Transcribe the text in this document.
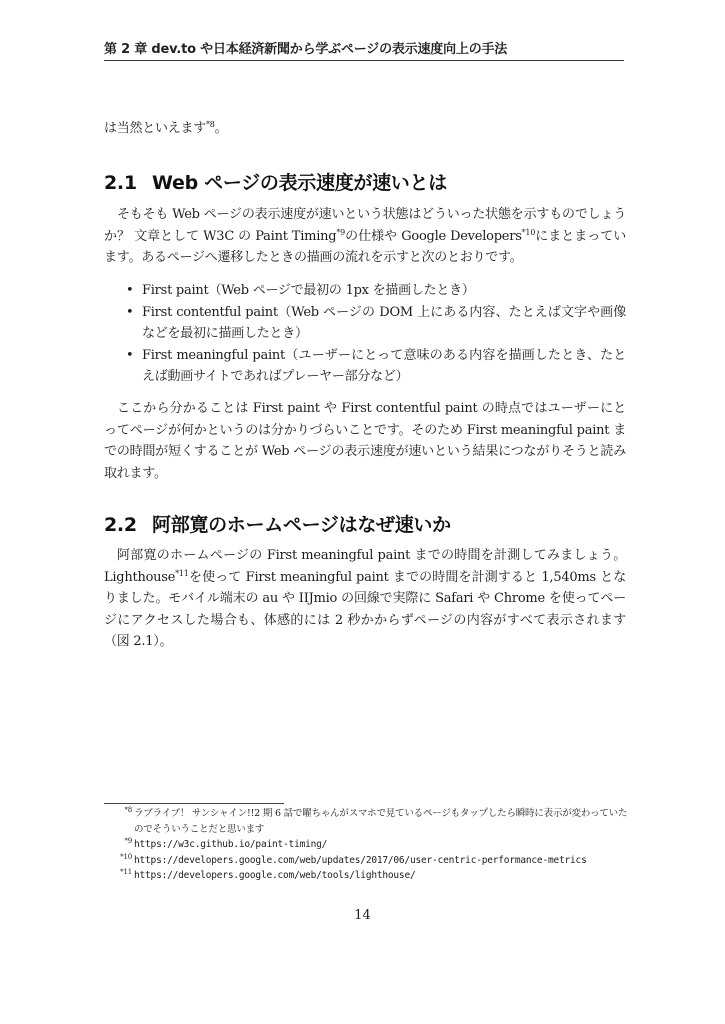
第 2 章 dev.to や日本経済新聞から学ぶページの表示速度向上の手法
は当然といえます$^{*8}$。
2.1 Web ページの表示速度が速いとは
そもそも Web ページの表示速度が速いという状態はどういった状態を示すものでしょうか？ 文章として W3C の Paint Timing$^{*9}$の仕様や Google Developers$^{*10}$にまとまっています。あるページへ遷移したときの描画の流れを示すと次のとおりです。
• First paint（Web ページで最初の 1px を描画したとき）
• First contentful paint（Web ページの DOM 上にある内容、たとえば文字や画像などを最初に描画したとき）
• First meaningful paint（ユーザーにとって意味のある内容を描画したとき、たとえば動画サイトであればプレーヤー部分など）
ここから分かることは First paint や First contentful paint の時点ではユーザーにとってページが何かというのは分かりづらいことです。そのため First meaningful paint までの時間が短くすることが Web ページの表示速度が速いという結果につながりそうと読み取れます。
2.2 阿部寛のホームページはなぜ速いか
阿部寛のホームページの First meaningful paint までの時間を計測してみましょう。Lighthouse$^{*11}$を使って First meaningful paint までの時間を計測すると 1,540ms となりました。モバイル端末の au や IIJmio の回線で実際に Safari や Chrome を使ってページにアクセスした場合も、体感的には 2 秒かからずページの内容がすべて表示されます（図 2.1）。
$^{*8}$ ラブライブ！ サンシャイン!!2 期 6 話で曜ちゃんがスマホで見ているページもタップしたら瞬時に表示が変わっていたのでそういうことだと思います
$^{*9}$ https://w3c.github.io/paint-timing/
$^{*10}$ https://developers.google.com/web/updates/2017/06/user-centric-performance-metrics
$^{*11}$ https://developers.google.com/web/tools/lighthouse/
14
